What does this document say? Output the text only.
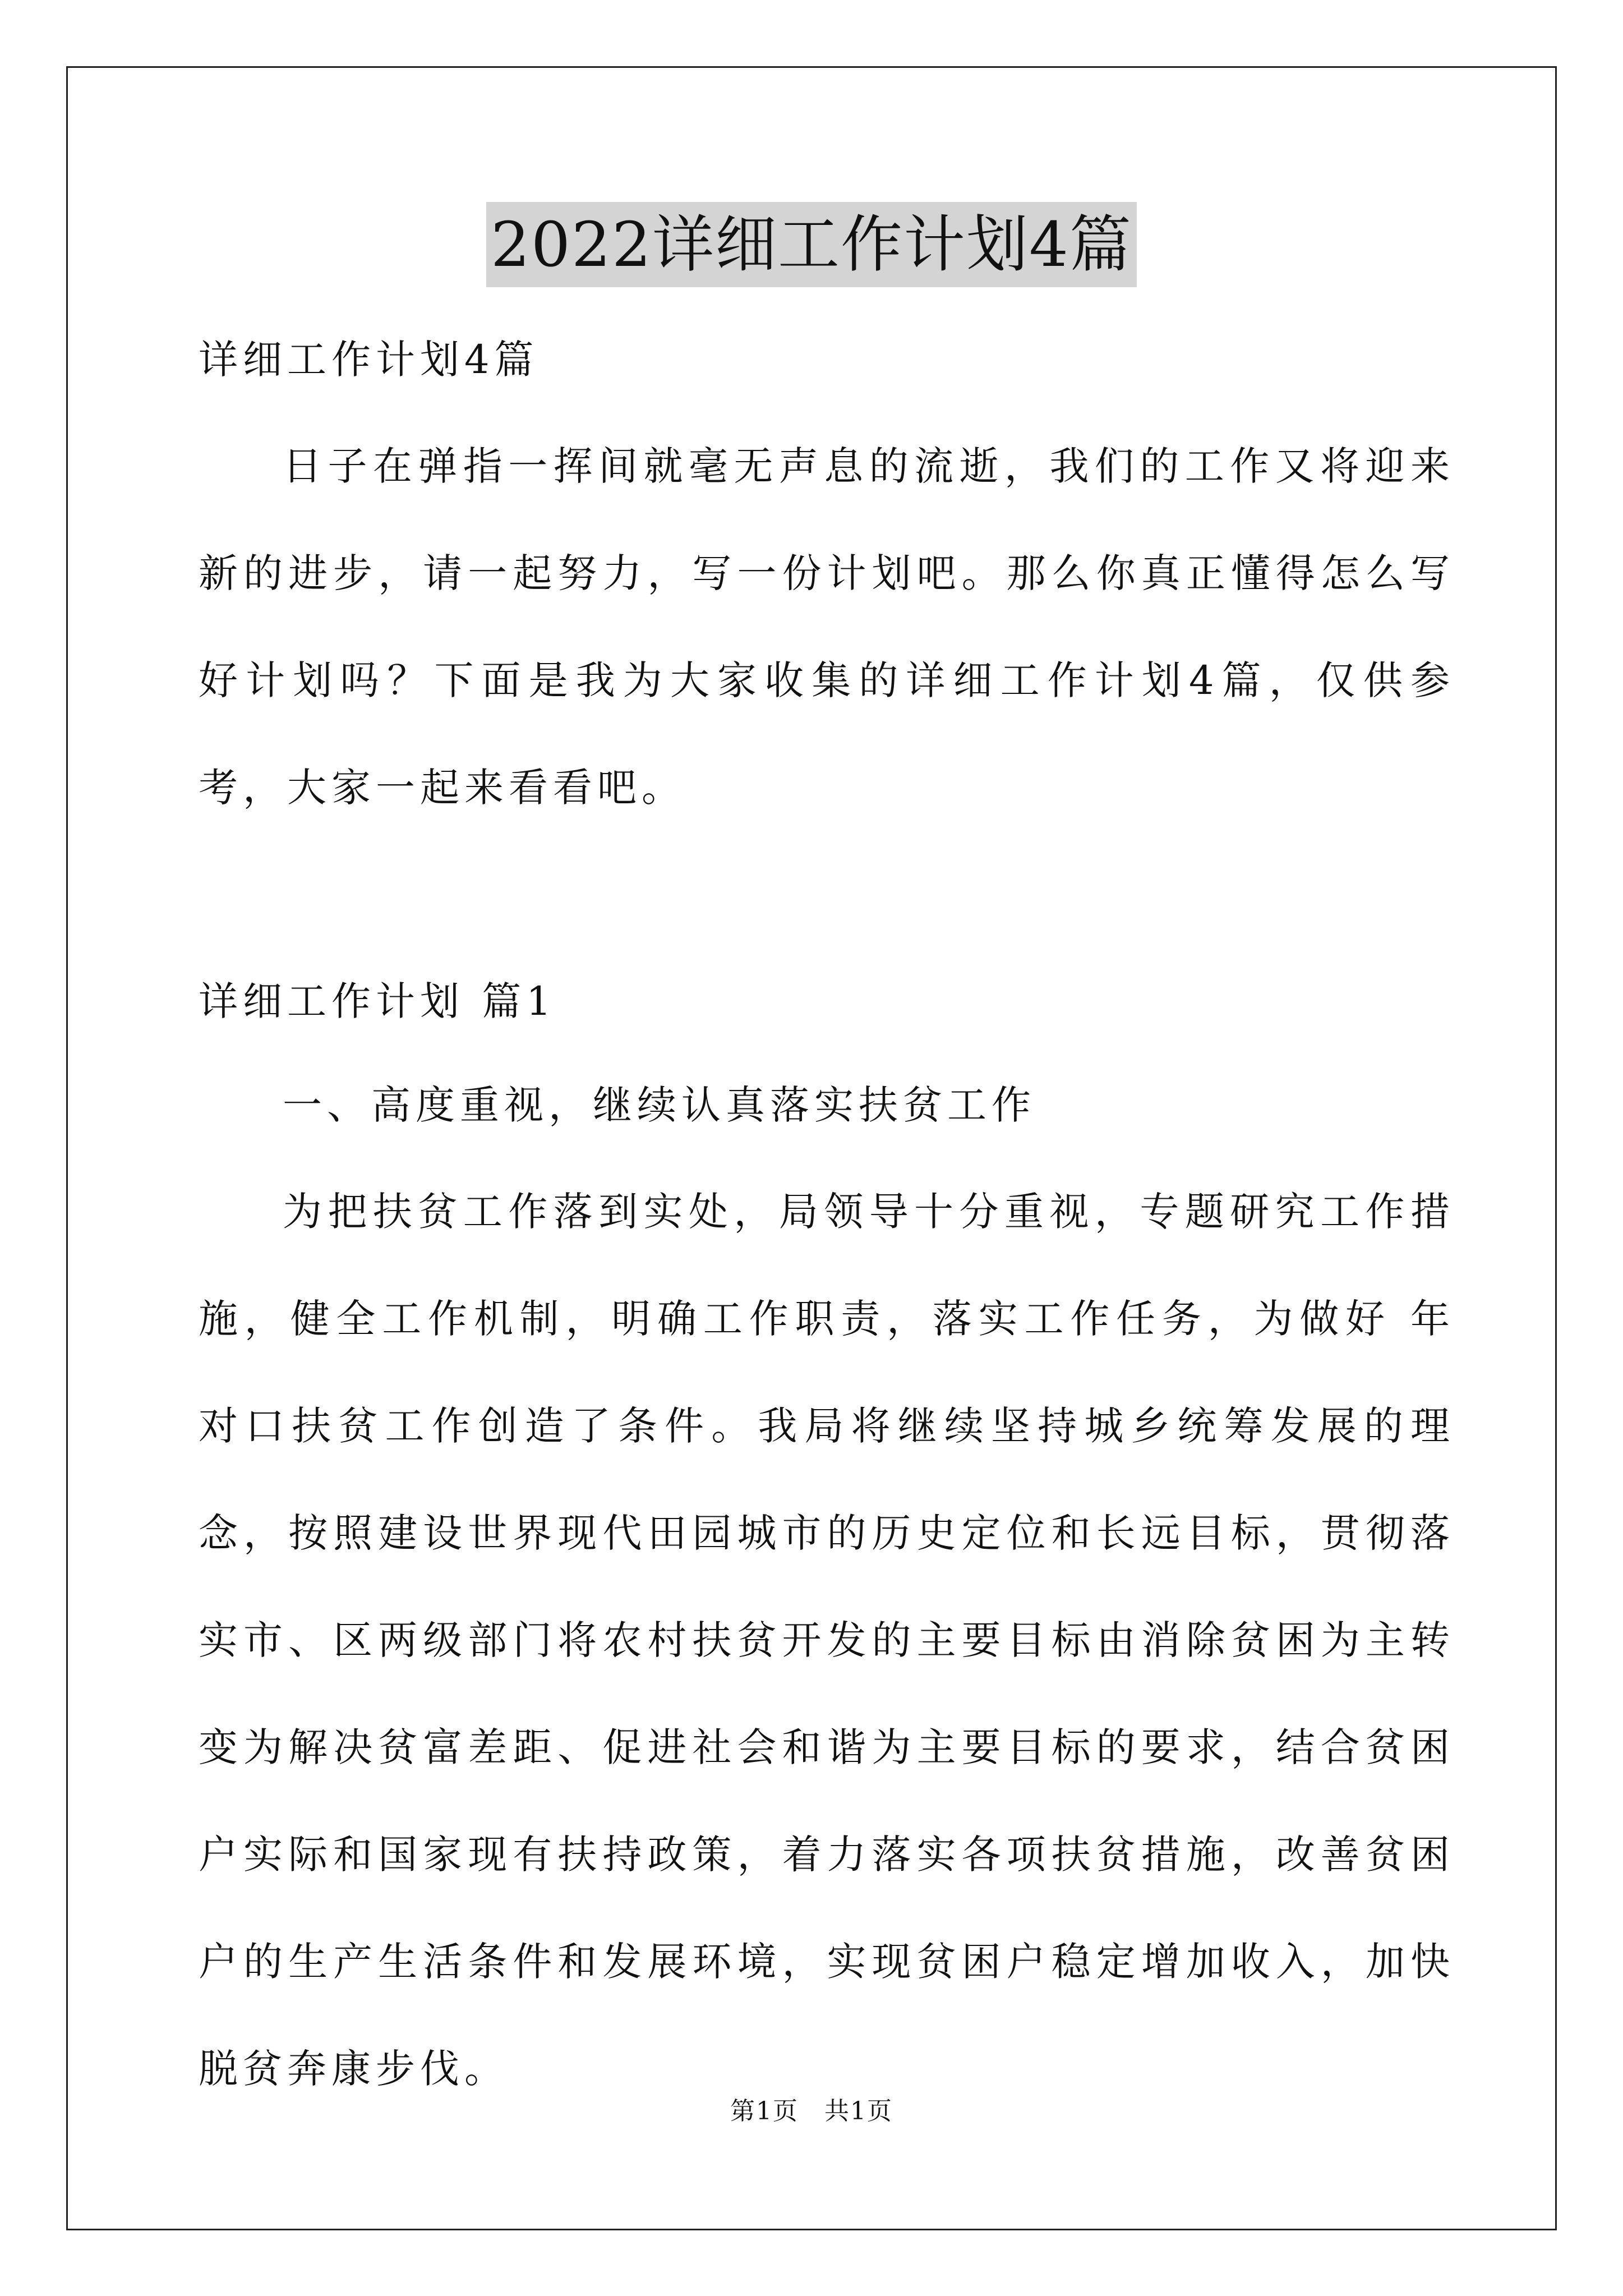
2022详细工作计划4篇

详细工作计划4篇

日子在弹指一挥间就毫无声息的流逝，我们的工作又将迎来新的进步，请一起努力，写一份计划吧。那么你真正懂得怎么写好计划吗？下面是我为大家收集的详细工作计划4篇，仅供参考，大家一起来看看吧。

详细工作计划 篇1

一、高度重视，继续认真落实扶贫工作

为把扶贫工作落到实处，局领导十分重视，专题研究工作措施，健全工作机制，明确工作职责，落实工作任务，为做好 年对口扶贫工作创造了条件。我局将继续坚持城乡统筹发展的理念，按照建设世界现代田园城市的历史定位和长远目标，贯彻落实市、区两级部门将农村扶贫开发的主要目标由消除贫困为主转变为解决贫富差距、促进社会和谐为主要目标的要求，结合贫困户实际和国家现有扶持政策，着力落实各项扶贫措施，改善贫困户的生产生活条件和发展环境，实现贫困户稳定增加收入，加快脱贫奔康步伐。

第1页　共1页
